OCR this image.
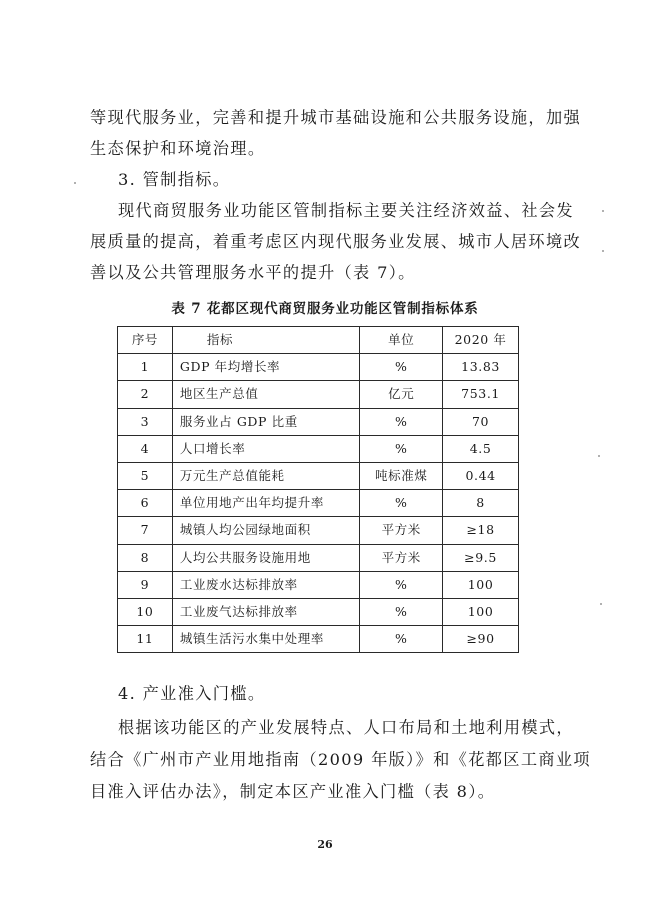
等现代服务业，完善和提升城市基础设施和公共服务设施，加强
生态保护和环境治理。
3. 管制指标。
现代商贸服务业功能区管制指标主要关注经济效益、社会发
展质量的提高，着重考虑区内现代服务业发展、城市人居环境改
善以及公共管理服务水平的提升（表 7）。
表 7 花都区现代商贸服务业功能区管制指标体系
序号	指标	单位	2020 年
1	GDP 年均增长率	%	13.83
2	地区生产总值	亿元	753.1
3	服务业占 GDP 比重	%	70
4	人口增长率	%	4.5
5	万元生产总值能耗	吨标准煤	0.44
6	单位用地产出年均提升率	%	8
7	城镇人均公园绿地面积	平方米	≥18
8	人均公共服务设施用地	平方米	≥9.5
9	工业废水达标排放率	%	100
10	工业废气达标排放率	%	100
11	城镇生活污水集中处理率	%	≥90
4. 产业准入门槛。
根据该功能区的产业发展特点、人口布局和土地利用模式，
结合《广州市产业用地指南（2009 年版）》和《花都区工商业项
目准入评估办法》，制定本区产业准入门槛（表 8）。
26
